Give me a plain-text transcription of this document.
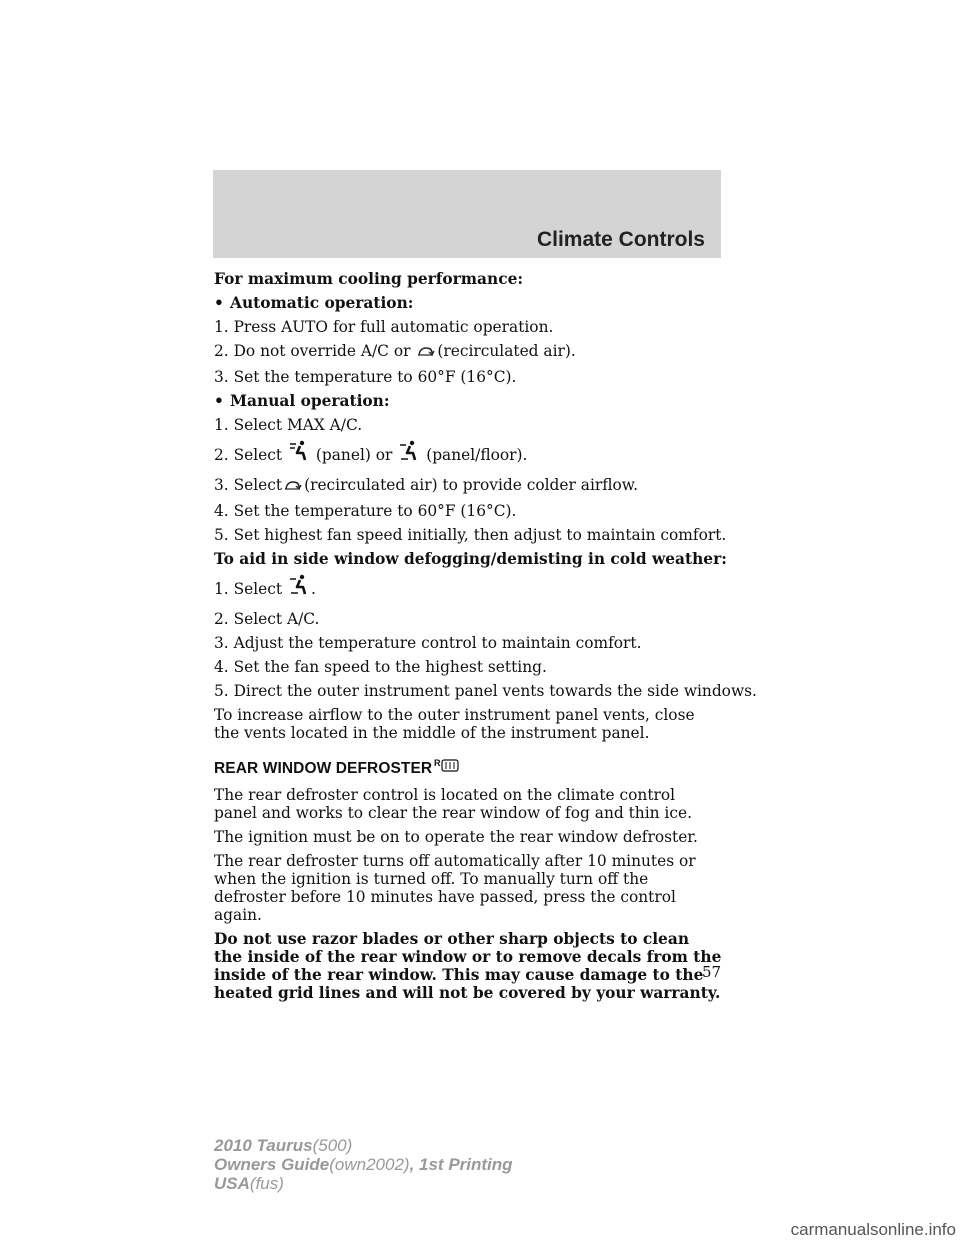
Climate Controls

For maximum cooling performance:

• Automatic operation:

1. Press AUTO for full automatic operation.

2. Do not override A/C or (recirculated air).

3. Set the temperature to 60°F (16°C).

• Manual operation:

1. Select MAX A/C.

2. Select (panel) or (panel/floor).

3. Select (recirculated air) to provide colder airflow.

4. Set the temperature to 60°F (16°C).

5. Set highest fan speed initially, then adjust to maintain comfort.

To aid in side window defogging/demisting in cold weather:

1. Select .

2. Select A/C.

3. Adjust the temperature control to maintain comfort.

4. Set the fan speed to the highest setting.

5. Direct the outer instrument panel vents towards the side windows.

To increase airflow to the outer instrument panel vents, close the vents located in the middle of the instrument panel.

REAR WINDOW DEFROSTER R

The rear defroster control is located on the climate control panel and works to clear the rear window of fog and thin ice.

The ignition must be on to operate the rear window defroster.

The rear defroster turns off automatically after 10 minutes or when the ignition is turned off. To manually turn off the defroster before 10 minutes have passed, press the control again.

Do not use razor blades or other sharp objects to clean the inside of the rear window or to remove decals from the inside of the rear window. This may cause damage to the heated grid lines and will not be covered by your warranty.

57
2010 Taurus(500)
Owners Guide(own2002), 1st Printing
USA(fus)
carmanualsonline.info
